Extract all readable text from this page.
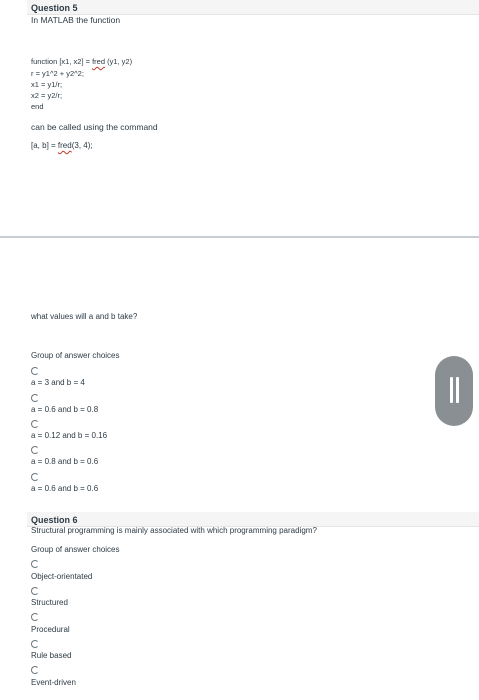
Question 5
In MATLAB the function
function [x1, x2] = fred (y1, y2)
r = y1^2 + y2^2;
x1 = y1/r;
x2 = y2/r;
end
can be called using the command
[a, b] = fred(3, 4);
what values will a and b take?
Group of answer choices
a = 3 and b = 4
a = 0.6 and b = 0.8
a = 0.12 and b = 0.16
a = 0.8 and b = 0.6
a = 0.6 and b = 0.6
Question 6
Structural programming is mainly associated with which programming paradigm?
Group of answer choices
Object-orientated
Structured
Procedural
Rule based
Event-driven
